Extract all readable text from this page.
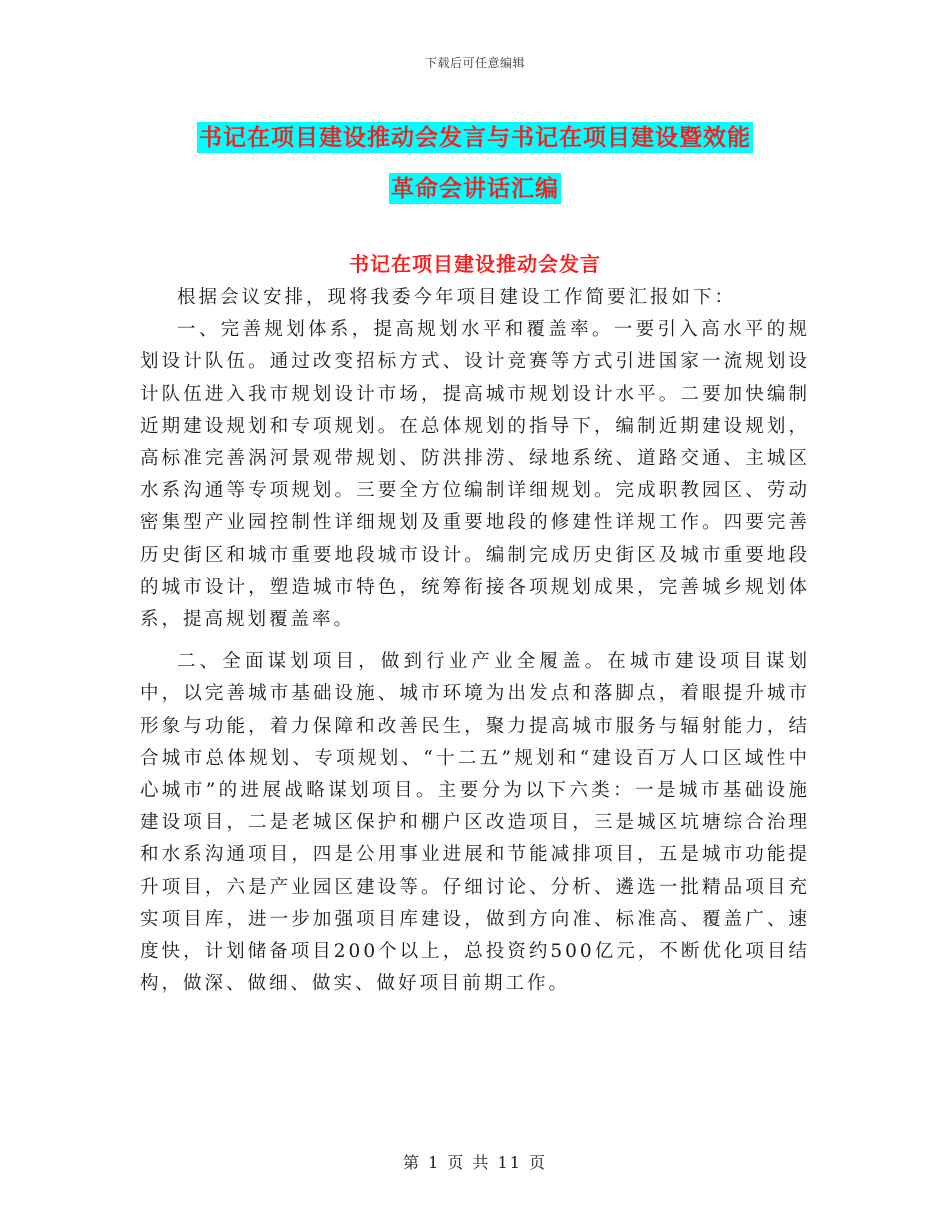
下载后可任意编辑
书记在项目建设推动会发言与书记在项目建设暨效能
革命会讲话汇编
书记在项目建设推动会发言

根据会议安排，现将我委今年项目建设工作简要汇报如下：

一、完善规划体系，提高规划水平和覆盖率。一要引入高水平的规划设计队伍。通过改变招标方式、设计竞赛等方式引进国家一流规划设计队伍进入我市规划设计市场，提高城市规划设计水平。二要加快编制近期建设规划和专项规划。在总体规划的指导下，编制近期建设规划，高标准完善涡河景观带规划、防洪排涝、绿地系统、道路交通、主城区水系沟通等专项规划。三要全方位编制详细规划。完成职教园区、劳动密集型产业园控制性详细规划及重要地段的修建性详规工作。四要完善历史街区和城市重要地段城市设计。编制完成历史街区及城市重要地段的城市设计，塑造城市特色，统筹衔接各项规划成果，完善城乡规划体系，提高规划覆盖率。

二、全面谋划项目，做到行业产业全履盖。在城市建设项目谋划中，以完善城市基础设施、城市环境为出发点和落脚点，着眼提升城市形象与功能，着力保障和改善民生，聚力提高城市服务与辐射能力，结合城市总体规划、专项规划、“十二五”规划和“建设百万人口区域性中心城市”的进展战略谋划项目。主要分为以下六类：一是城市基础设施建设项目，二是老城区保护和棚户区改造项目，三是城区坑塘综合治理和水系沟通项目，四是公用事业进展和节能减排项目，五是城市功能提升项目，六是产业园区建设等。仔细讨论、分析、遴选一批精品项目充实项目库，进一步加强项目库建设，做到方向准、标准高、覆盖广、速度快，计划储备项目200个以上，总投资约500亿元，不断优化项目结构，做深、做细、做实、做好项目前期工作。

第 1 页 共 11 页
